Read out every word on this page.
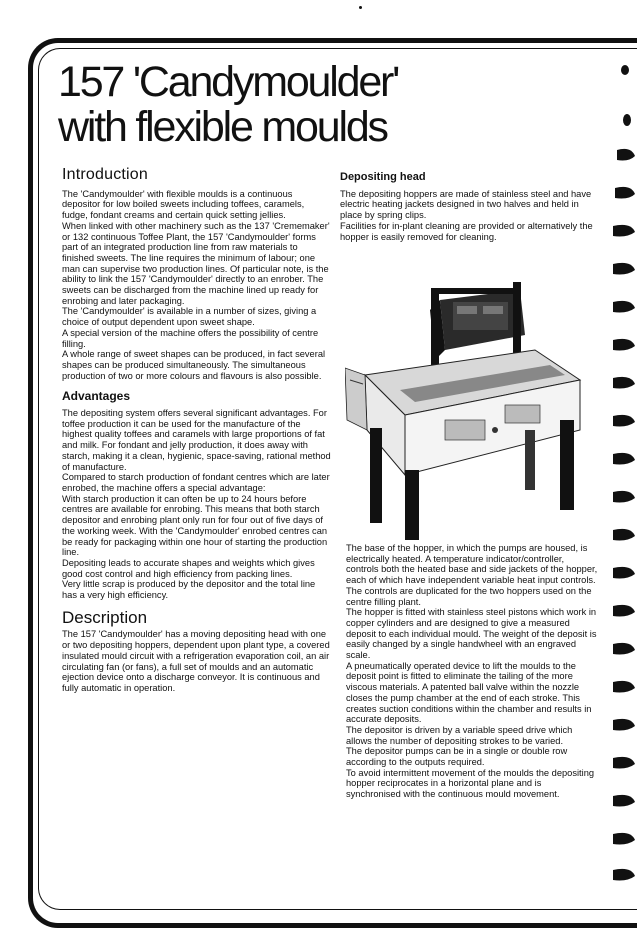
157 'Candymoulder'
with flexible moulds
Introduction

The 'Candymoulder' with flexible moulds is a continuous depositor for low boiled sweets including toffees, caramels, fudge, fondant creams and certain quick setting jellies.

When linked with other machinery such as the 137 'Crememaker' or 132 continuous Toffee Plant, the 157 'Candymoulder' forms part of an integrated production line from raw materials to finished sweets. The line requires the minimum of labour; one man can supervise two production lines. Of particular note, is the ability to link the 157 'Candymoulder' directly to an enrober. The sweets can be discharged from the machine lined up ready for enrobing and later packaging.

The 'Candymoulder' is available in a number of sizes, giving a choice of output dependent upon sweet shape.

A special version of the machine offers the possibility of centre filling.

A whole range of sweet shapes can be produced, in fact several shapes can be produced simultaneously. The simultaneous production of two or more colours and flavours is also possible.

Advantages

The depositing system offers several significant advantages. For toffee production it can be used for the manufacture of the highest quality toffees and caramels with large proportions of fat and milk. For fondant and jelly production, it does away with starch, making it a clean, hygienic, space-saving, rational method of manufacture.

Compared to starch production of fondant centres which are later enrobed, the machine offers a special advantage:

With starch production it can often be up to 24 hours before centres are available for enrobing. This means that both starch depositor and enrobing plant only run for four out of five days of the working week. With the 'Candymoulder' enrobed centres can be ready for packaging within one hour of starting the production line.

Depositing leads to accurate shapes and weights which gives good cost control and high efficiency from packing lines.

Very little scrap is produced by the depositor and the total line has a very high efficiency.

Description

The 157 'Candymoulder' has a moving depositing head with one or two depositing hoppers, dependent upon plant type, a covered insulated mould circuit with a refrigeration evaporation coil, an air circulating fan (or fans), a full set of moulds and an automatic ejection device onto a discharge conveyor. It is continuous and fully automatic in operation.

Depositing head

The depositing hoppers are made of stainless steel and have electric heating jackets designed in two halves and held in place by spring clips.

Facilities for in-plant cleaning are provided or alternatively the hopper is easily removed for cleaning.

The base of the hopper, in which the pumps are housed, is electrically heated. A temperature indicator/controller, controls both the heated base and side jackets of the hopper, each of which have independent variable heat input controls. The controls are duplicated for the two hoppers used on the centre filling plant.

The hopper is fitted with stainless steel pistons which work in copper cylinders and are designed to give a measured deposit to each individual mould. The weight of the deposit is easily changed by a single handwheel with an engraved scale.

A pneumatically operated device to lift the moulds to the deposit point is fitted to eliminate the tailing of the more viscous materials. A patented ball valve within the nozzle closes the pump chamber at the end of each stroke. This creates suction conditions within the chamber and results in accurate deposits.

The depositor is driven by a variable speed drive which allows the number of depositing strokes to be varied.

The depositor pumps can be in a single or double row according to the outputs required.

To avoid intermittent movement of the moulds the depositing hopper reciprocates in a horizontal plane and is synchronised with the continuous mould movement.
